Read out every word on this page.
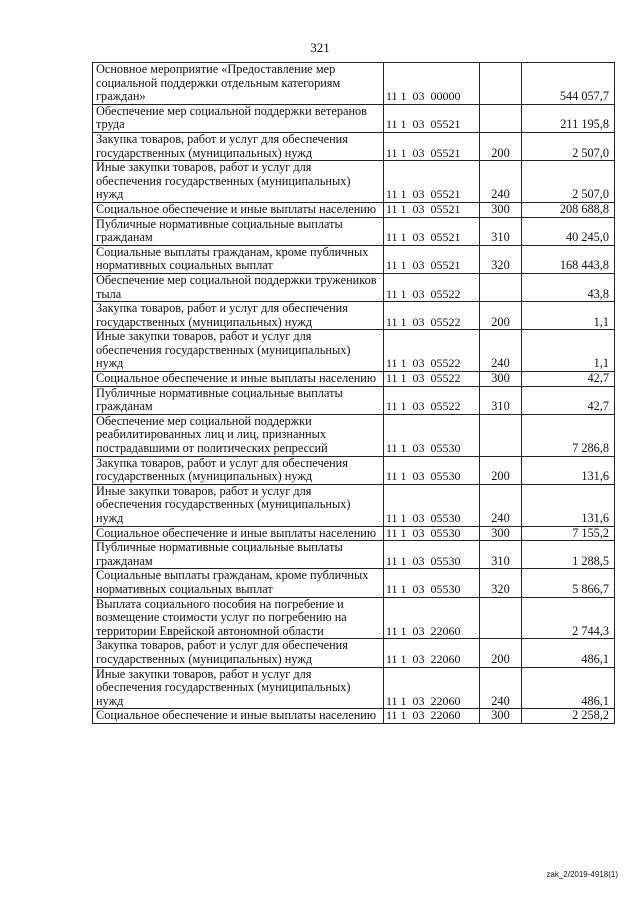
321
Основное мероприятие «Предоставление мер социальной поддержки отдельным категориям граждан»	11 1  03  00000		544 057,7
Обеспечение мер социальной поддержки ветеранов труда	11 1  03  05521		211 195,8
Закупка товаров, работ и услуг для обеспечения государственных (муниципальных) нужд	11 1  03  05521	200	2 507,0
Иные закупки товаров, работ и услуг для обеспечения государственных (муниципальных) нужд	11 1  03  05521	240	2 507,0
Социальное обеспечение и иные выплаты населению	11 1  03  05521	300	208 688,8
Публичные нормативные социальные выплаты гражданам	11 1  03  05521	310	40 245,0
Социальные выплаты гражданам, кроме публичных нормативных социальных выплат	11 1  03  05521	320	168 443,8
Обеспечение мер социальной поддержки тружеников тыла	11 1  03  05522		43,8
Закупка товаров, работ и услуг для обеспечения государственных (муниципальных) нужд	11 1  03  05522	200	1,1
Иные закупки товаров, работ и услуг для обеспечения государственных (муниципальных) нужд	11 1  03  05522	240	1,1
Социальное обеспечение и иные выплаты населению	11 1  03  05522	300	42,7
Публичные нормативные социальные выплаты гражданам	11 1  03  05522	310	42,7
Обеспечение мер социальной поддержки реабилитированных лиц и лиц, признанных пострадавшими от политических репрессий	11 1  03  05530		7 286,8
Закупка товаров, работ и услуг для обеспечения государственных (муниципальных) нужд	11 1  03  05530	200	131,6
Иные закупки товаров, работ и услуг для обеспечения государственных (муниципальных) нужд	11 1  03  05530	240	131,6
Социальное обеспечение и иные выплаты населению	11 1  03  05530	300	7 155,2
Публичные нормативные социальные выплаты гражданам	11 1  03  05530	310	1 288,5
Социальные выплаты гражданам, кроме публичных нормативных социальных выплат	11 1  03  05530	320	5 866,7
Выплата социального пособия на погребение и возмещение стоимости услуг по погребению на территории Еврейской автономной области	11 1  03  22060		2 744,3
Закупка товаров, работ и услуг для обеспечения государственных (муниципальных) нужд	11 1  03  22060	200	486,1
Иные закупки товаров, работ и услуг для обеспечения государственных (муниципальных) нужд	11 1  03  22060	240	486,1
Социальное обеспечение и иные выплаты населению	11 1  03  22060	300	2 258,2
zak_2/2019-4918(1)
